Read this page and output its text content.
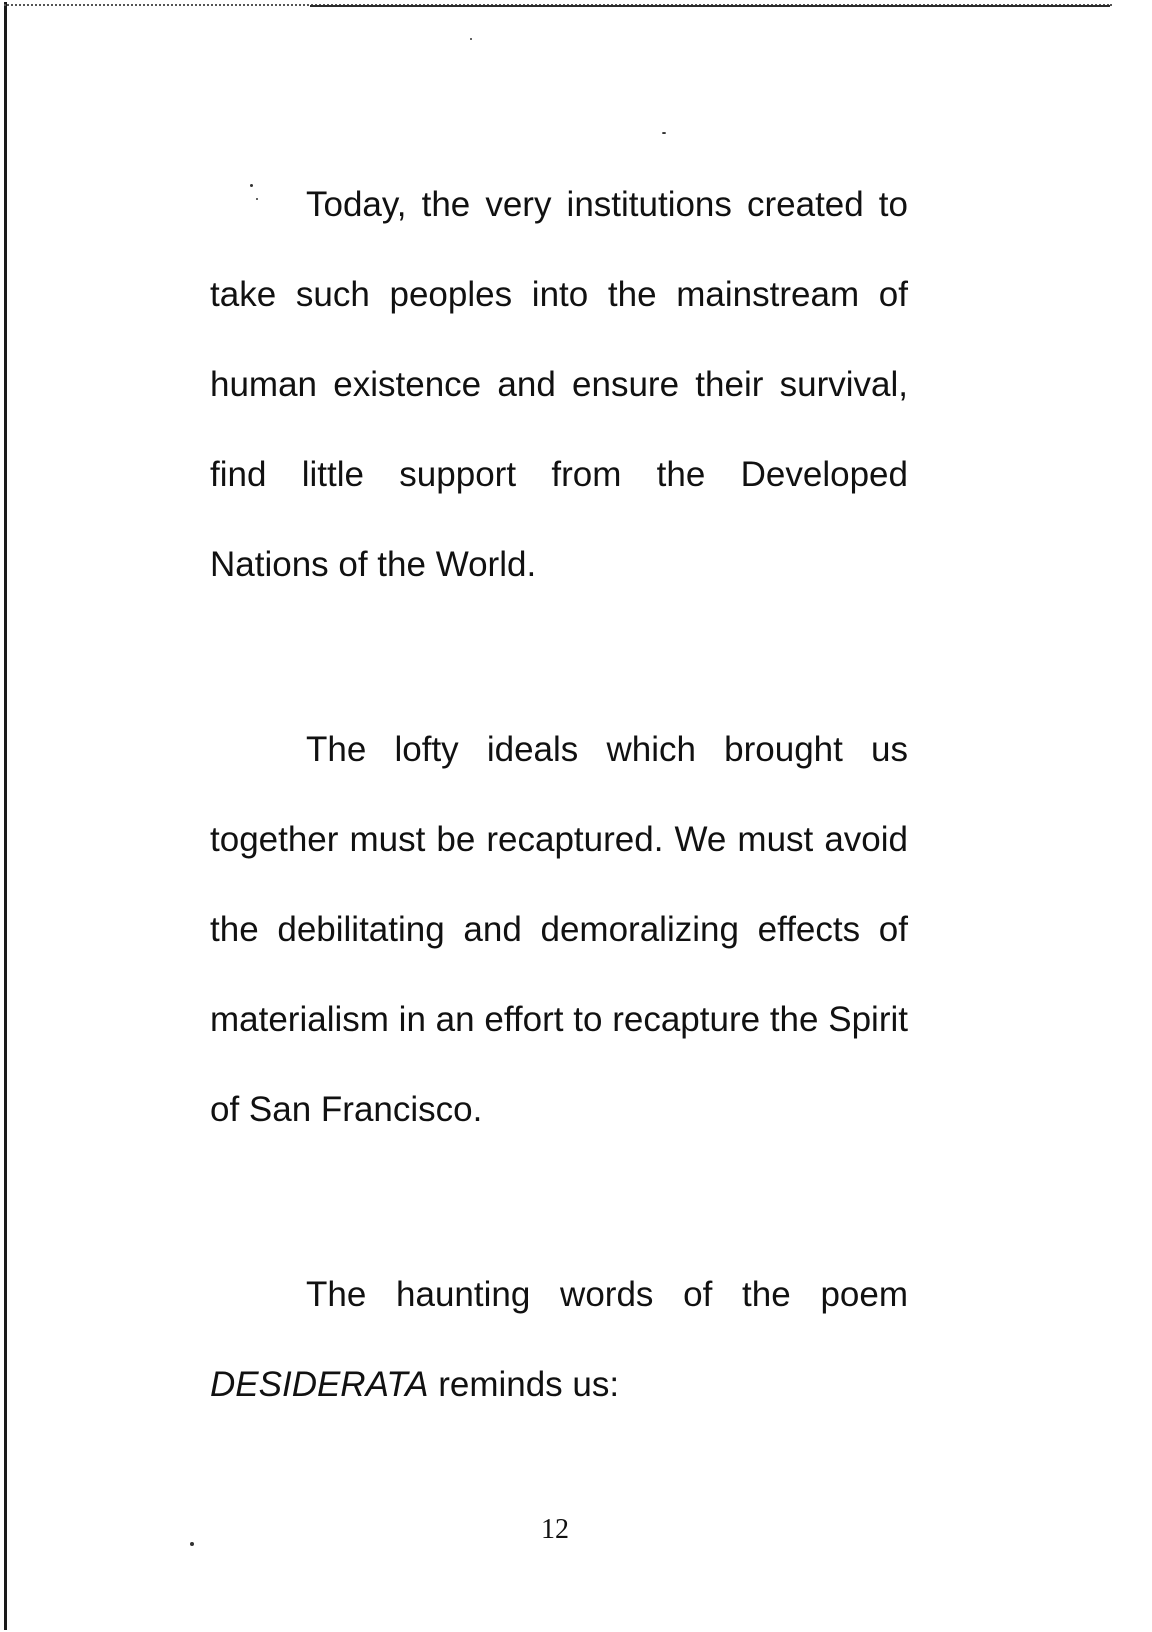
Today, the very institutions created to take such peoples into the mainstream of human existence and ensure their survival, find little support from the Developed Nations of the World.

The lofty ideals which brought us together must be recaptured. We must avoid the debilitating and demoralizing effects of materialism in an effort to recapture the Spirit of San Francisco.

The haunting words of the poem DESIDERATA reminds us:

12
